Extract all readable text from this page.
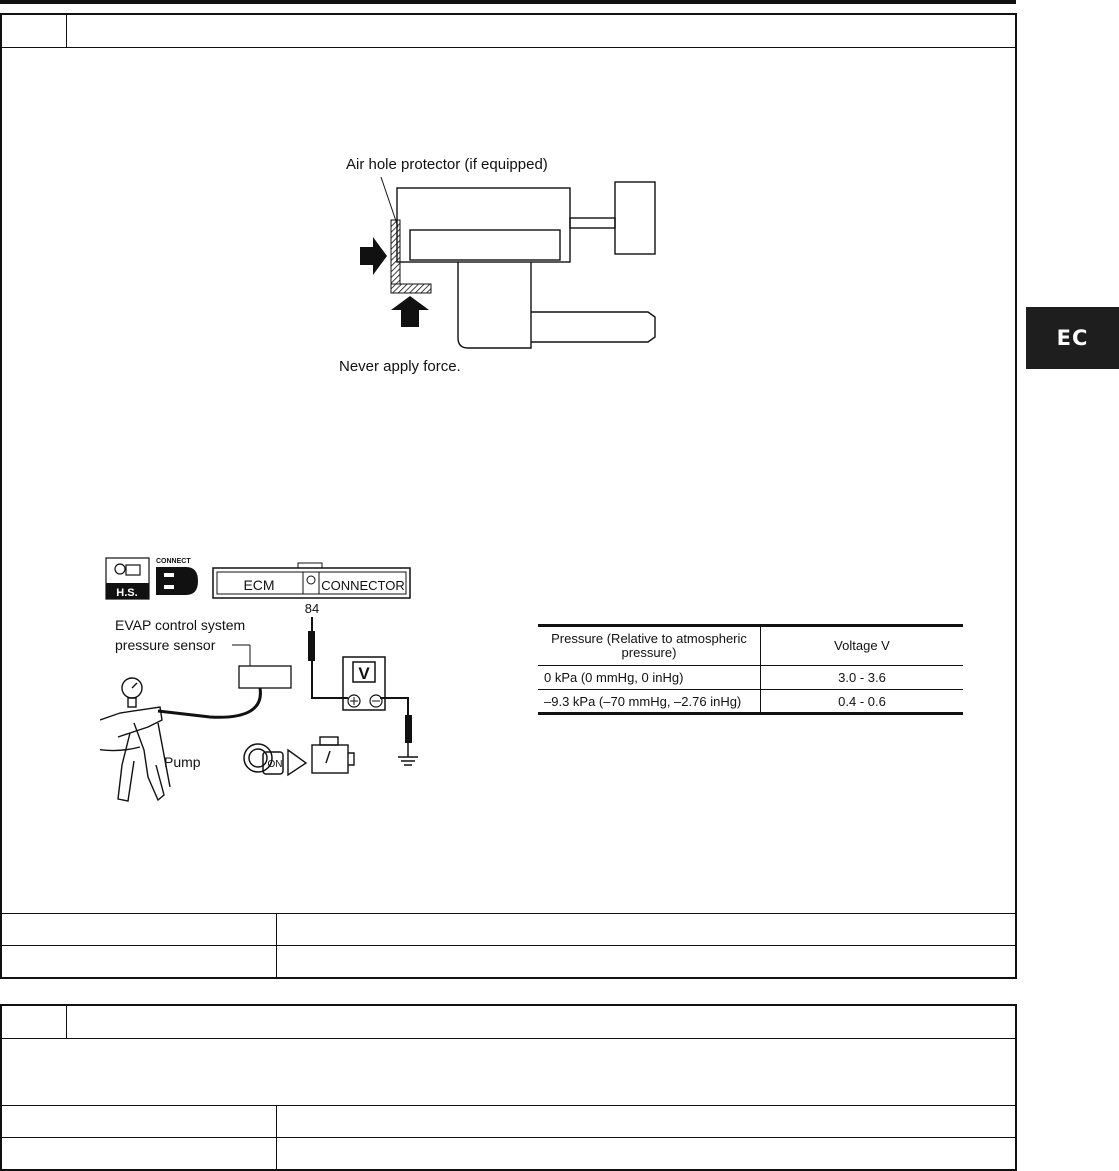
EC
Air hole protector (if equipped)
Never apply force.
H.S.
CONNECT
ECM	CONNECTOR
84
EVAP control system
pressure sensor
V
Pump	ON
Pressure (Relative to atmospheric pressure)	Voltage V
0 kPa (0 mmHg, 0 inHg)	3.0 - 3.6
–9.3 kPa (–70 mmHg, –2.76 inHg)	0.4 - 0.6
